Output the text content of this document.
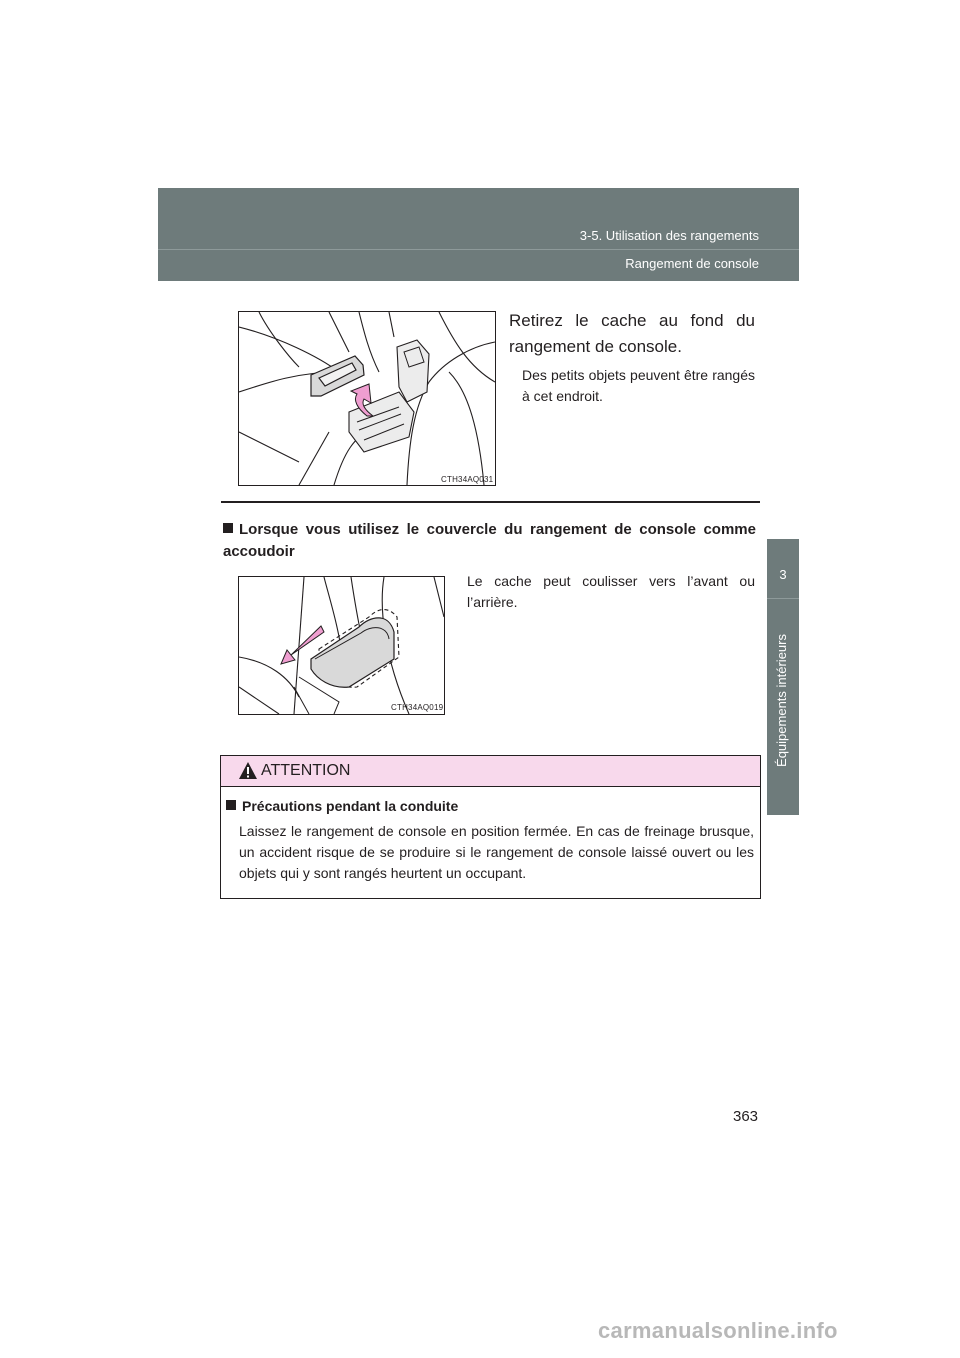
3-5. Utilisation des rangements
Rangement de console
3
Équipements intérieurs
CTH34AQ031
Retirez le cache au fond du rangement de console.
Des petits objets peuvent être rangés à cet endroit.
Lorsque vous utilisez le couvercle du rangement de console comme accoudoir
CTH34AQ019
Le cache peut coulisser vers l’avant ou l’arrière.
ATTENTION
Précautions pendant la conduite
Laissez le rangement de console en position fermée. En cas de freinage brusque, un accident risque de se produire si le rangement de console laissé ouvert ou les objets qui y sont rangés heurtent un occupant.
363
carmanualsonline.info
